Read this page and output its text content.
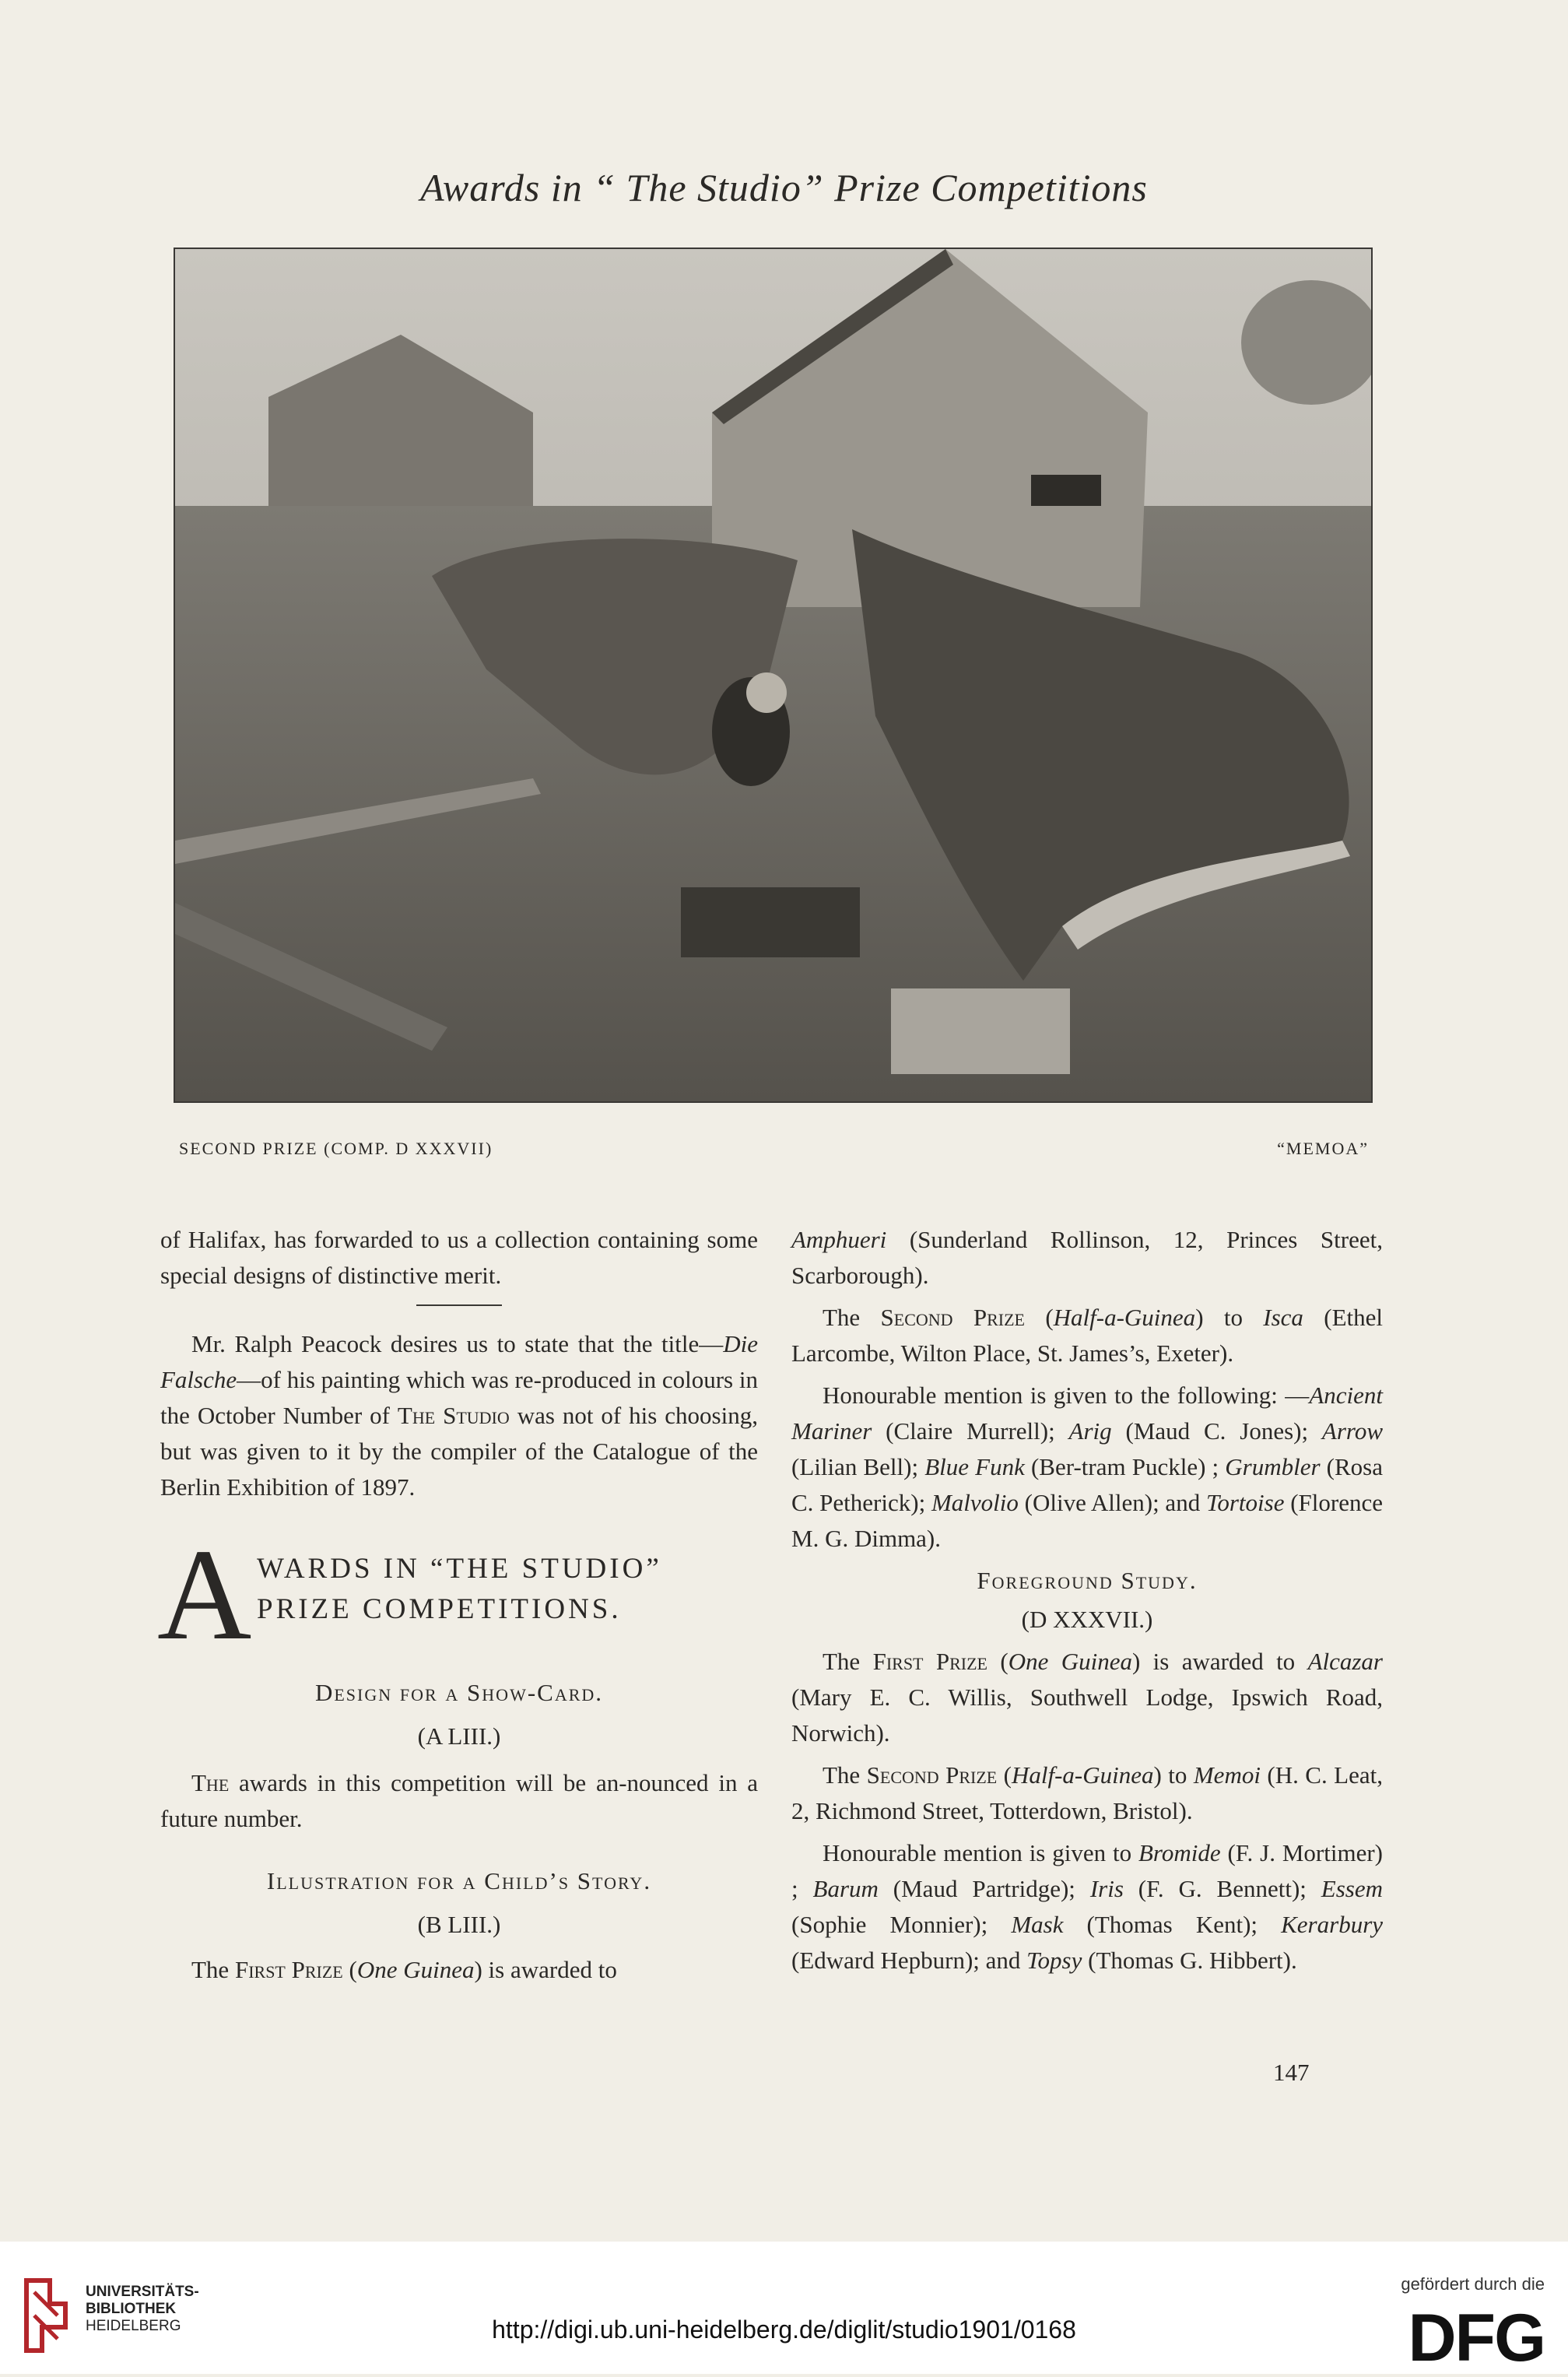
Awards in “ The Studio” Prize Competitions
SECOND PRIZE (COMP. D XXXVII)	“MEMOA”

of Halifax, has forwarded to us a collection containing some special designs of distinctive merit.

Mr. Ralph Peacock desires us to state that the title—Die Falsche—of his painting which was re-produced in colours in the October Number of The Studio was not of his choosing, but was given to it by the compiler of the Catalogue of the Berlin Exhibition of 1897.

A WARDS IN “THE STUDIO”
PRIZE COMPETITIONS.
Design for a Show-Card.
(A LIII.)

The awards in this competition will be an-nounced in a future number.

Illustration for a Child’s Story.
(B LIII.)

The First Prize (One Guinea) is awarded to

Amphueri (Sunderland Rollinson, 12, Princes Street, Scarborough).

The Second Prize (Half-a-Guinea) to Isca (Ethel Larcombe, Wilton Place, St. James’s, Exeter).

Honourable mention is given to the following: —Ancient Mariner (Claire Murrell); Arig (Maud C. Jones); Arrow (Lilian Bell); Blue Funk (Ber-tram Puckle) ; Grumbler (Rosa C. Petherick); Malvolio (Olive Allen); and Tortoise (Florence M. G. Dimma).

Foreground Study.
(D XXXVII.)

The First Prize (One Guinea) is awarded to Alcazar (Mary E. C. Willis, Southwell Lodge, Ipswich Road, Norwich).

The Second Prize (Half-a-Guinea) to Memoi (H. C. Leat, 2, Richmond Street, Totterdown, Bristol).

Honourable mention is given to Bromide (F. J. Mortimer) ; Barum (Maud Partridge); Iris (F. G. Bennett); Essem (Sophie Monnier); Mask (Thomas Kent); Kerarbury (Edward Hepburn); and Topsy (Thomas G. Hibbert).

147
UNIVERSITÄTS-
BIBLIOTHEK
HEIDELBERG	http://digi.ub.uni-heidelberg.de/diglit/studio1901/0168
gefördert durch die
DFG
